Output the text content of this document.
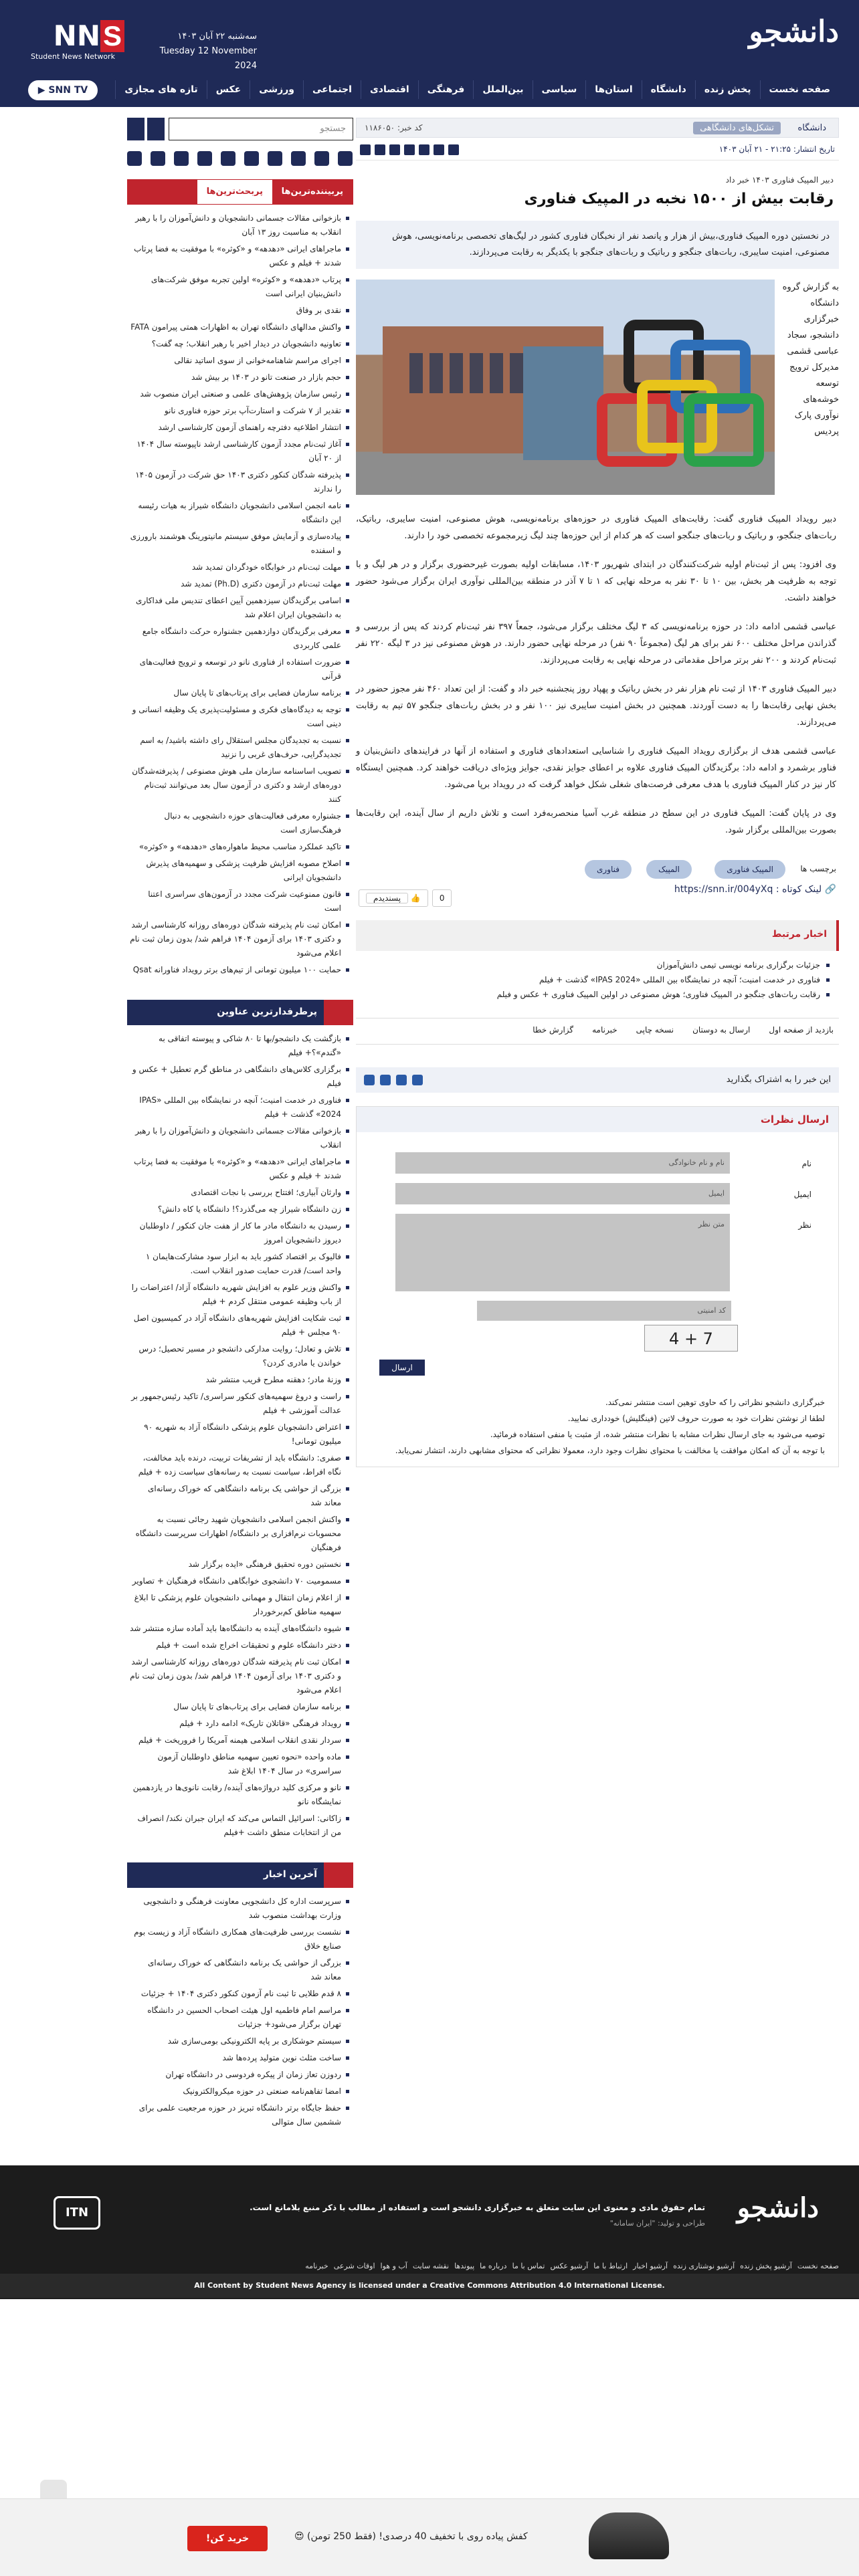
دانشجو
SNN
Student News Network
سه‌شنبه ۲۲ آبان ۱۴۰۳
Tuesday 12 November 2024
صفحه نخست
پخش زنده
دانشگاه
استان‌ها
سیاسی
بین‌الملل
فرهنگی
اقتصادی
اجتماعی
ورزشی
عکس
تازه های مجازی
▶ SNN TV
دانشگاه
تشکل‌های دانشگاهی
کد خبر: ۱۱۸۶۰۵۰
تاریخ انتشار: ۲۱:۲۵ - ۲۱ آبان ۱۴۰۳
دبیر المپیک فناوری ۱۴۰۳ خبر داد
رقابت بیش از ۱۵۰۰ نخبه در المپیک فناوری
در نخستین دوره المپیک فناوری،بیش از هزار و پانصد نفر از نخبگان فناوری کشور در لیگ‌های تخصصی برنامه‌نویسی، هوش مصنوعی، امنیت سایبری، ربات‌های جنگجو و رباتیک و ربات‌های جنگجو با یکدیگر به رقابت می‌پردازند.
به گزارش گروه دانشگاه خبرگزاری دانشجو، سجاد عباسی قشمی مدیرکل ترویج توسعه خوشه‌های نوآوری پارک پردیس

دبیر رویداد المپیک فناوری گفت: رقابت‌های المپیک فناوری در حوزه‌های برنامه‌نویسی، هوش مصنوعی، امنیت سایبری، رباتیک، ربات‌های جنگجو، و رباتیک و ربات‌های جنگجو است که هر کدام از این حوزه‌ها چند لیگ زیرمجموعه تخصصی خود را دارند.

وی افزود: پس از ثبت‌نام اولیه شرکت‌کنندگان در ابتدای شهریور ۱۴۰۳، مسابقات اولیه بصورت غیرحضوری برگزار و در هر لیگ و با توجه به ظرفیت هر بخش، بین ۱۰ تا ۳۰ نفر به مرحله نهایی که ۱ تا ۷ آذر در منطقه بین‌المللی نوآوری ایران برگزار می‌شود حضور خواهند داشت.

عباسی قشمی ادامه داد: در حوزه برنامه‌نویسی که ۳ لیگ مختلف برگزار می‌شود، جمعاً ۳۹۷ نفر ثبت‌نام کردند که پس از بررسی و گذراندن مراحل مختلف ۶۰۰ نفر برای هر لیگ (مجموعاً ۹۰ نفر) در مرحله نهایی حضور دارند. در هوش مصنوعی نیز در ۳ لیگه ۲۲۰ نفر ثبت‌نام کردند و ۲۰۰ نفر برتر مراحل مقدماتی در مرحله نهایی به رقابت می‌پردازند.

دبیر المپیک فناوری ۱۴۰۳ از ثبت نام هزار نفر در بخش رباتیک و پهپاد روز پنجشنبه خبر داد و گفت: از این تعداد ۴۶۰ نفر مجوز حضور در بخش نهایی رقابت‌ها را به دست آوردند. همچنین در بخش امنیت سایبری نیز ۱۰۰ نفر و در بخش ربات‌های جنگجو ۵۷ تیم به رقابت می‌پردازند.

عباسی قشمی هدف از برگزاری رویداد المپیک فناوری را شناسایی استعدادهای فناوری و استفاده از آنها در فرایندهای دانش‌بنیان و فناور برشمرد و ادامه داد: برگزیدگان المپیک فناوری علاوه بر اعطای جوایز نقدی، جوایز ویژه‌ای دریافت خواهند کرد. همچنین ایستگاه کار نیز در کنار المپیک فناوری با هدف معرفی فرصت‌های شغلی شکل خواهد گرفت که در رویداد برپا می‌شود.

وی در پایان گفت: المپیک فناوری در این سطح در منطقه غرب آسیا منحصربه‌فرد است و تلاش داریم از سال آینده، این رقابت‌ها بصورت بین‌المللی برگزار شود.

برچسب ها
المپیک فناوری
المپیک
فناوری
https://snn.ir/004yXq : لینک کوتاه 🔗
0
👍 پسندیدم
اخبار مرتبط
جزئیات برگزاری برنامه نویسی تیمی دانش‌آموزان
فناوری در خدمت امنیت؛ آنچه در نمایشگاه بین المللی «IPAS 2024» گذشت + فیلم
رقابت ربات‌های جنگجو در المپیک فناوری؛ هوش مصنوعی در اولین المپیک فناوری + عکس و فیلم
بازدید از صفحه اول
ارسال به دوستان
نسخه چاپی
خبرنامه
گزارش خطا
این خبر را به اشتراک بگذارید
ارسال نظرات
نام
نام و نام خانوادگی
ایمیل
ایمیل
نظر
متن نظر
کد امنیتی
4 + 7
ارسال
خبرگزاری دانشجو نظراتی را که حاوی توهین است منتشر نمی‌کند.
لطفا از نوشتن نظرات خود به صورت حروف لاتین (فینگلیش) خودداری نمایید.
توصیه می‌شود به جای ارسال نظرات مشابه با نظرات منتشر شده، از مثبت یا منفی استفاده فرمائید.
با توجه به آن که امکان موافقت یا مخالفت با محتوای نظرات وجود دارد، معمولا نظراتی که محتوای مشابهی دارند، انتشار نمی‌یابد.
جستجو
پربیننده‌ترین‌ها
پربحث‌ترین‌ها
بازخوانی مقالات جسمانی دانشجویان و دانش‌آموزان را با رهبر انقلاب به مناسبت روز ۱۳ آبان
ماجراهای ایرانی «دهدهه» و «کوثره» با موفقیت به فضا پرتاب شدند + فیلم و عکس
پرتاب «دهدهه» و «کوثره» اولین تجربه موفق شرکت‌های دانش‌بنیان ایرانی است
نقدی بر وفاق
واکنش مدالهای دانشگاه تهران به اظهارات همتی پیرامون FATA
تعاونیه دانشجویان در دیدار اخیر با رهبر انقلاب؛ چه گفت؟
اجرای مراسم شاهنامه‌خوانی از سوی اساتید نقالی
حجم بازار در صنعت تانو در ۱۴۰۳ بر بیش شد
رئیس سازمان پژوهش‌های علمی و صنعتی ایران منصوب شد
تقدیر از ۷ شرکت و استارت‌آپ برتر حوزه فناوری نانو
انتشار اطلاعیه دفترچه راهنمای آزمون کارشناسی ارشد
آغاز ثبت‌نام مجدد آزمون کارشناسی ارشد ناپیوسته سال ۱۴۰۴ از ۲۰ آبان
پذیرفته شدگان کنکور دکتری ۱۴۰۳ حق شرکت در آزمون ۱۴۰۵ را ندارند
نامه انجمن اسلامی دانشجویان دانشگاه شیراز به هیات رئیسه این دانشگاه
پیاده‌سازی و آزمایش موفق سیستم مانیتورینگ هوشمند بارورزی و اسفنده
مهلت ثبت‌نام در خوابگاه خودگردان تمدید شد
مهلت ثبت‌نام در آزمون دکتری (Ph.D) تمدید شد
اسامی برگزیدگان سیزدهمین آیین اعطای تندیس ملی فداکاری به دانشجویان ایران اعلام شد
معرفی برگزیدگان دوازدهمین جشنواره حرکت دانشگاه جامع علمی کاربردی
ضرورت استفاده از فناوری نانو در توسعه و ترویج فعالیت‌های قرآنی
برنامه سازمان فضایی برای پرتاب‌های تا پایان سال
توجه به دیدگاه‌های فکری و مسئولیت‌پذیری یک وظیفه انسانی و دینی است
نسبت به تجدیدگان مجلس استقلال رای داشته باشید/ به اسم تجدیدگرایی، حرف‌های غربی را نزنید
تصویب اساسنامه سازمان ملی هوش مصنوعی / پذیرفته‌شدگان دوره‌های ارشد و دکتری در آزمون سال بعد می‌توانند ثبت‌نام کنند
جشنواره معرفی فعالیت‌های حوزه دانشجویی به دنبال فرهنگ‌سازی است
تاکید عملکرد مناسب محیط ماهواره‌های «دهدهه» و «کوثره»
اصلاح مصوبه افزایش ظرفیت پزشکی و سهمیه‌های پذیرش دانشجویان ایرانی
قانون ممنوعیت شرکت مجدد در آزمون‌های سراسری اعتنا است
امکان ثبت نام پذیرفته شدگان دوره‌های روزانه کارشناسی ارشد و دکتری ۱۴۰۳ برای آزمون ۱۴۰۴ فراهم شد/ بدون زمان ثبت نام اعلام می‌شود
حمایت ۱۰۰ میلیون تومانی از تیم‌های برتر رویداد فناورانه Qsat
پرطرفدارترین عناوین
بازگشت یک دانشجو/بها تا ۸۰ شاکی و پیوسته اتفاقی به «گندم»؟+ فیلم
برگزاری کلاس‌های دانشگاهی در مناطق گرم تعطیل + عکس و فیلم
فناوری در خدمت امنیت؛ آنچه در نمایشگاه بین المللی «IPAS 2024» گذشت + فیلم
بازخوانی مقالات جسمانی دانشجویان و دانش‌آموزان را با رهبر انقلاب
ماجراهای ایرانی «دهدهه» و «کوثره» با موفقیت به فضا پرتاب شدند + فیلم و عکس
وارثان آبیاری؛ افتتاح بررسی با نجات اقتصادی
زن دانشگاه شیراز چه می‌گذرد؟! دانشگاه یا کاه دانش؟
رسیدن به دانشگاه مادر ما کار از هفت جان کنکور / داوطلبان دیروز دانشجویان امروز
فالیوک بر اقتصاد کشور باید به ابزار سود مشارکت‌هایمان ۱ واحد است/ قدرت حمایت صدور انقلاب است.
واکنش وزیر علوم به افزایش شهریه دانشگاه آزاد/ اعتراضات را از باب وظیفه عمومی منتقل کردم + فیلم
ثبت شکایت افزایش شهریه‌های دانشگاه آزاد در کمیسیون اصل ۹۰ مجلس + فیلم
تلاش و تعادل؛ روایت مدارکی دانشجو در مسیر تحصیل؛ درس خواندن یا مادری کردن؟
وزنهٔ مادر؛ دهقنه مطرح قریب منتشر شد
راست و دروغ سهمیه‌های کنکور سراسری/ تاکید رئیس‌جمهور بر عدالت آموزشی + فیلم
اعتراض دانشجویان علوم پزشکی دانشگاه آزاد به شهریه ۹۰ میلیون تومانی!
صفری: دانشگاه باید از تشریفات تربیت، درنده باید مخالفت، نگاه افراط، سیاست نسبت به رسانه‌های سیاست زده + فیلم
بزرگی از حواشی یک برنامه دانشگاهی که خوراک رسانه‌ای معاند شد
واکنش انجمن اسلامی دانشجویان شهید رجائی نسبت به محسوبات نرم‌افزاری بر دانشگاه/ اظهارات سرپرست دانشگاه فرهنگیان
نخستین دوره تحقیق فرهنگی «ایده‌ برگزار شد
مسمومیت ۷۰ دانشجوی خوابگاهی دانشگاه فرهنگیان + تصاویر
از اعلام زمان انتقال و مهمانی دانشجویان علوم پزشکی تا ابلاغ سهمیه مناطق کم‌برخوردار
شیوه دانشگاه‌های آینده به دانشگاه‌ها باید آماده سازه منتشر شد
دختر دانشگاه علوم و تحقیقات اخراج شده است + فیلم
امکان ثبت نام پذیرفته شدگان دوره‌های روزانه کارشناسی ارشد و دکتری ۱۴۰۳ برای آزمون ۱۴۰۴ فراهم شد/ بدون زمان ثبت نام اعلام می‌شود
برنامه سازمان فضایی برای پرتاب‌های تا پایان سال
رویداد فرهنگی «قاتلان تاریک» ادامه دارد + فیلم
سردار نقدی انقلاب اسلامی هیمنه آمریکا را فروریخت + فیلم
ماده واحده «نحوه تعیین سهمیه مناطق داوطلبان آزمون سراسری» در سال ۱۴۰۴ ابلاغ شد
نانو و مرکزی کلید درواژه‌های آینده/ رقابت نانوی‌ها در یازدهمین نمایشگاه نانو
زاکانی: اسرائیل التماس می‌کند که ایران جبران نکند/ انصراف من از انتخابات منطق داشت +فیلم
آخرین اخبار
سرپرست اداره کل دانشجویی معاونت فرهنگی و دانشجویی وزارت بهداشت منصوب شد
نشست بررسی ظرفیت‌های همکاری دانشگاه آزاد و زیست بوم صنایع خلاق
بزرگی از حواشی یک برنامه دانشگاهی که خوراک رسانه‌ای معاند شد
۸ قدم طلایی تا ثبت نام آزمون کنکور دکتری ۱۴۰۴ + جزئیات
مراسم امام فاطمیه اول هیئت اصحاب الحسین در دانشگاه تهران برگزار می‌شود+ جزئیات
سیستم حوشکاری بر پایه الکترونیکی بومی‌سازی شد
ساخت مثلث نوین متولید پرده‌ها شد
ردوزن تعاز زمان از پیکره فردوسی در دانشگاه تهران
امضا تفاهم‌نامه صنعتی در حوزه میکروالکترونیک
حفظ جایگاه برتر دانشگاه تبریز در حوزه مرجعیت علمی برای ششمین سال متوالی
دانشجو
تمام حقوق مادی و معنوی این سایت متعلق به خبرگزاری دانشجو است و استفاده از مطالب با ذکر منبع بلامانع است.
طراحی و تولید: "ایران سامانه"
ITN
صفحه نخست
آرشیو پخش زنده
آرشیو نوشتاری زنده
آرشیو اخبار
ارتباط با ما
آرشیو عکس
تماس با ما
درباره ما
پیوندها
نقشه سایت
آب و هوا
اوقات شرعی
خبرنامه
All Content by Student News Agency is licensed under a Creative Commons Attribution 4.0 International License.
خرید کن!	کفش پیاده روی با تخفیف 40 درصدی! (فقط 250 تومن) 😍
